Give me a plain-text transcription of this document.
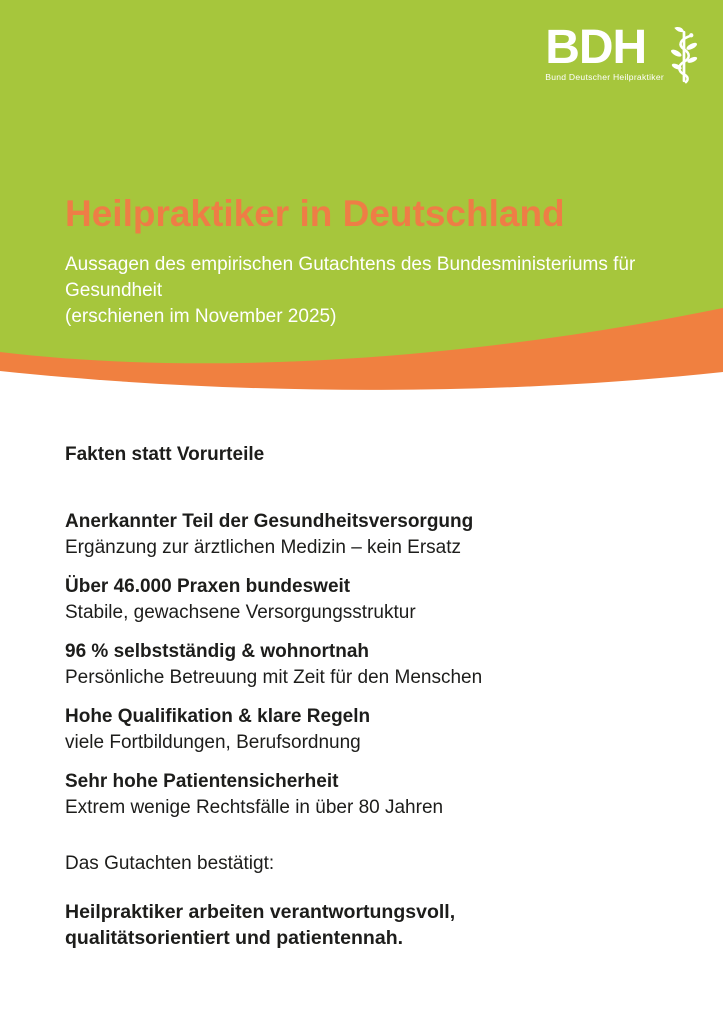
BDH
Bund Deutscher Heilpraktiker
Heilpraktiker in Deutschland
Aussagen des empirischen Gutachtens des Bundesministeriums für Gesundheit
(erschienen im November 2025)

Fakten statt Vorurteile

Anerkannter Teil der Gesundheitsversorgung
Ergänzung zur ärztlichen Medizin – kein Ersatz
Über 46.000 Praxen bundesweit
Stabile, gewachsene Versorgungsstruktur
96 % selbstständig & wohnortnah
Persönliche Betreuung mit Zeit für den Menschen
Hohe Qualifikation & klare Regeln
viele Fortbildungen, Berufsordnung
Sehr hohe Patientensicherheit
Extrem wenige Rechtsfälle in über 80 Jahren
Das Gutachten bestätigt:
Heilpraktiker arbeiten verantwortungsvoll,
qualitätsorientiert und patientennah.
